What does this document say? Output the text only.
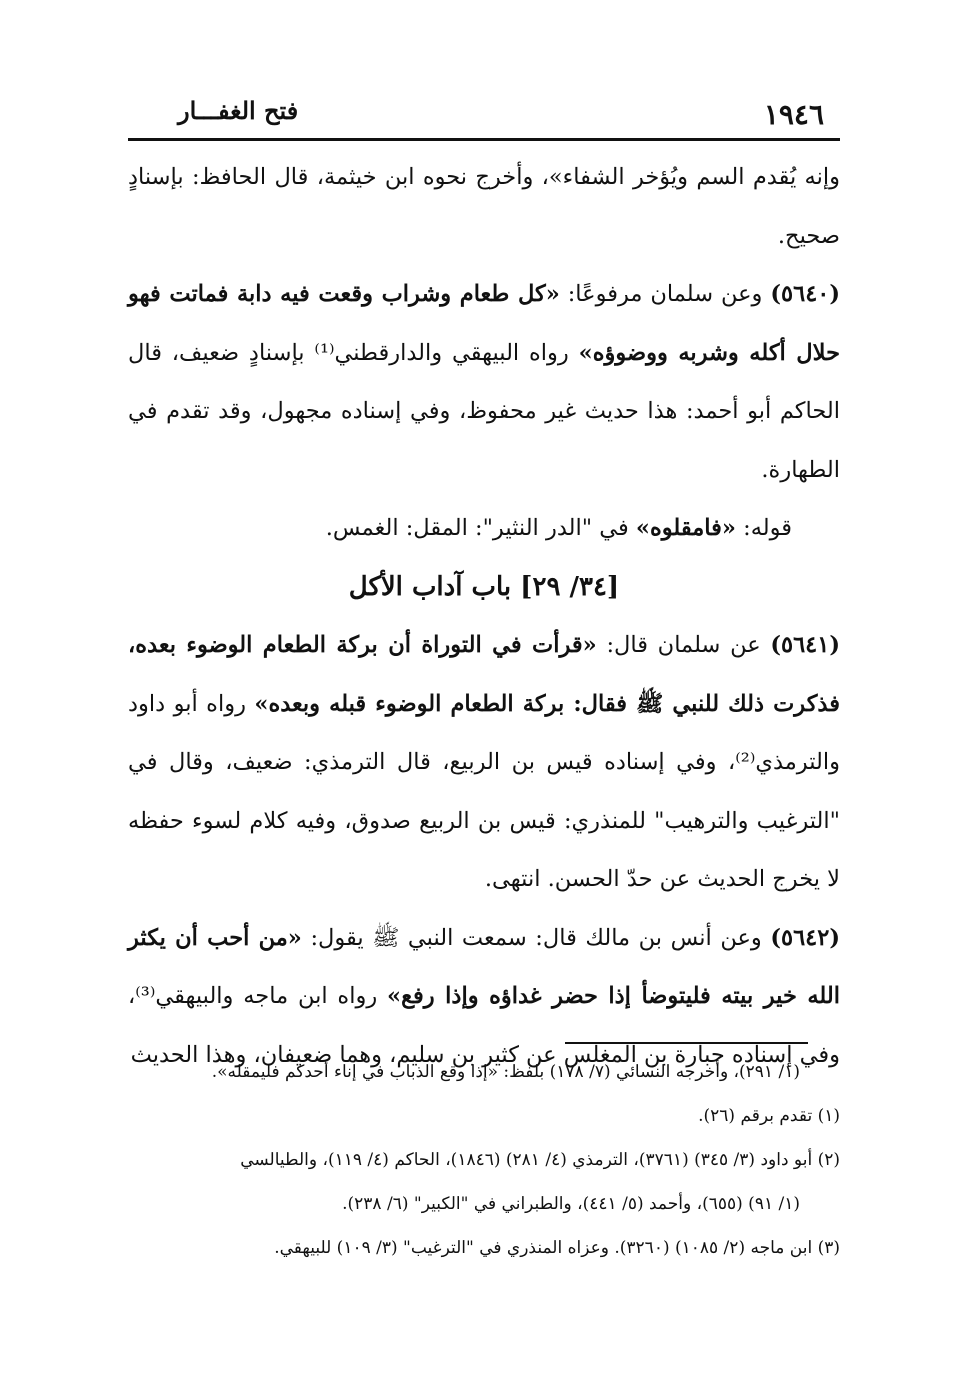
١٩٤٦
فتح الغفـــار

وإنه يُقدم السم ويُؤخر الشفاء»، وأخرج نحوه ابن خيثمة، قال الحافظ: بإسنادٍ صحيح.

(٥٦٤٠) وعن سلمان مرفوعًا: «كل طعام وشراب وقعت فيه دابة فماتت فهو حلال أكله وشربه ووضوؤه» رواه البيهقي والدارقطني⁽¹⁾ بإسنادٍ ضعيف، قال الحاكم أبو أحمد: هذا حديث غير محفوظ، وفي إسناده مجهول، وقد تقدم في الطهارة.

قوله: «فامقلوه» في "الدر النثير": المقل: الغمس.

[٣٤/ ٢٩] باب آداب الأكل

(٥٦٤١) عن سلمان قال: «قرأت في التوراة أن بركة الطعام الوضوء بعده، فذكرت ذلك للنبي ﷺ فقال: بركة الطعام الوضوء قبله وبعده» رواه أبو داود والترمذي⁽²⁾، وفي إسناده قيس بن الربيع، قال الترمذي: ضعيف، وقال في "الترغيب والترهيب" للمنذري: قيس بن الربيع صدوق، وفيه كلام لسوء حفظه لا يخرج الحديث عن حدّ الحسن. انتهى.

(٥٦٤٢) وعن أنس بن مالك قال: سمعت النبي ﷺ يقول: «من أحب أن يكثر الله خير بيته فليتوضأ إذا حضر غداؤه وإذا رفع» رواه ابن ماجه والبيهقي⁽³⁾، وفي إسناده جبارة بن المغلس عن كثير بن سليم، وهما ضعيفان، وهذا الحديث

(١/ ٢٩١)، وأخرجه النسائي (٧/ ١٧٨) بلفظ: «إذا وقع الذباب في إناء أحدكم فليمقله».

(١) تقدم برقم (٢٦).

(٢) أبو داود (٣/ ٣٤٥) (٣٧٦١)، الترمذي (٤/ ٢٨١) (١٨٤٦)، الحاكم (٤/ ١١٩)، والطيالسي

(١/ ٩١) (٦٥٥)، وأحمد (٥/ ٤٤١)، والطبراني في "الكبير" (٦/ ٢٣٨).

(٣) ابن ماجه (٢/ ١٠٨٥) (٣٢٦٠). وعزاه المنذري في "الترغيب" (٣/ ١٠٩) للبيهقي.
